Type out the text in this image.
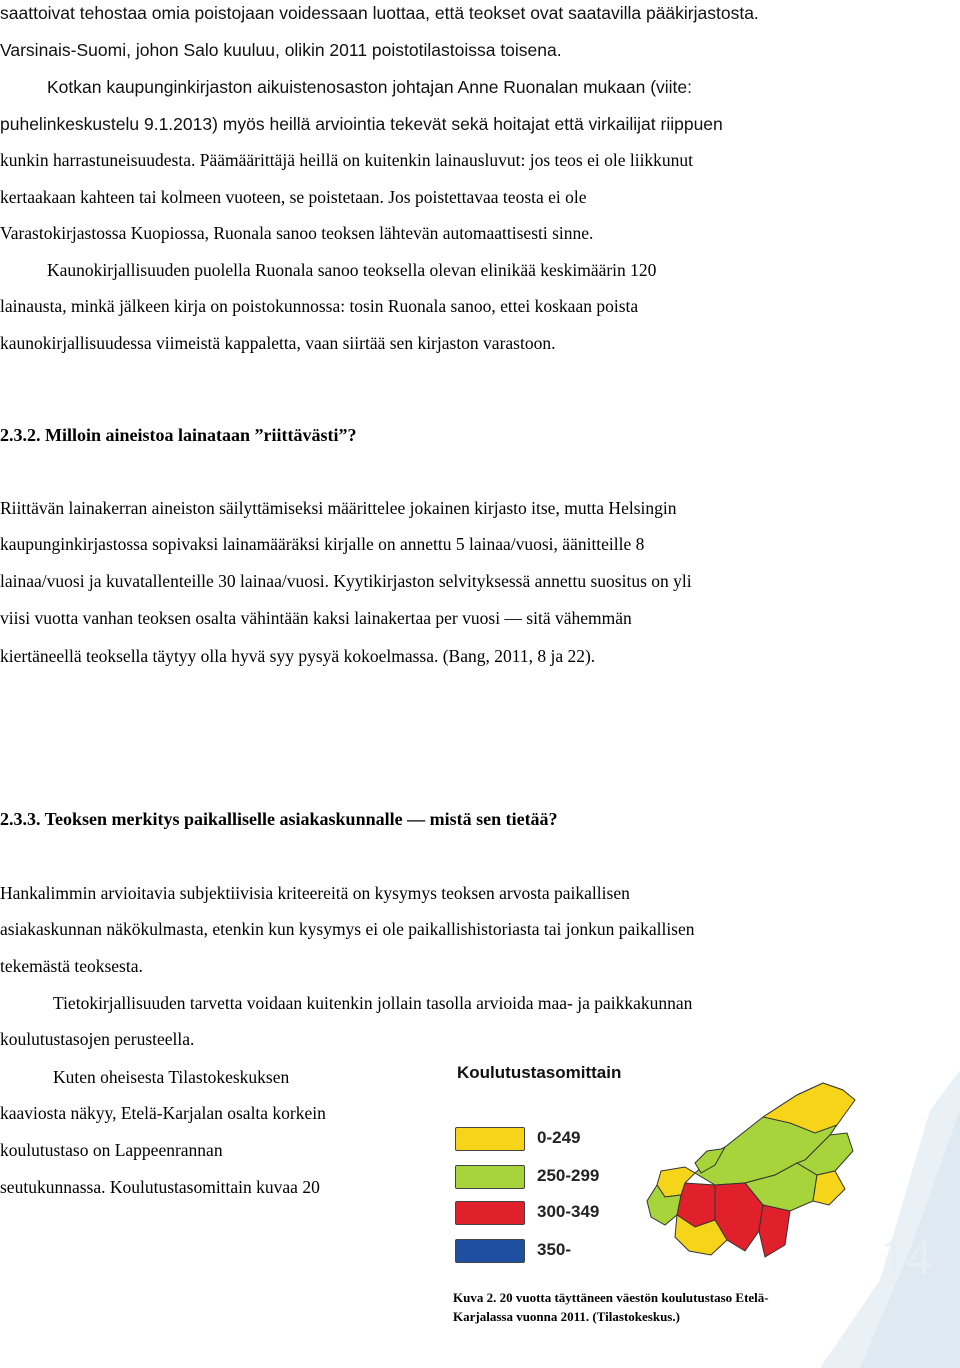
14
saattoivat tehostaa omia poistojaan voidessaan luottaa, että teokset ovat saatavilla pääkirjastosta.
Varsinais-Suomi, johon Salo kuuluu, olikin 2011 poistotilastoissa toisena.
Kotkan kaupunginkirjaston aikuistenosaston johtajan Anne Ruonalan mukaan (viite:
puhelinkeskustelu 9.1.2013) myös heillä arviointia tekevät sekä hoitajat että virkailijat riippuen
kunkin harrastuneisuudesta. Päämäärittäjä heillä on kuitenkin lainausluvut: jos teos ei ole liikkunut
kertaakaan kahteen tai kolmeen vuoteen, se poistetaan. Jos poistettavaa teosta ei ole
Varastokirjastossa Kuopiossa, Ruonala sanoo teoksen lähtevän automaattisesti sinne.
Kaunokirjallisuuden puolella Ruonala sanoo teoksella olevan elinikää keskimäärin 120
lainausta, minkä jälkeen kirja on poistokunnossa: tosin Ruonala sanoo, ettei koskaan poista
kaunokirjallisuudessa viimeistä kappaletta, vaan siirtää sen kirjaston varastoon.
2.3.2. Milloin aineistoa lainataan ”riittävästi”?
Riittävän lainakerran aineiston säilyttämiseksi määrittelee jokainen kirjasto itse, mutta Helsingin
kaupunginkirjastossa sopivaksi lainamääräksi kirjalle on annettu 5 lainaa/vuosi, äänitteille 8
lainaa/vuosi ja kuvatallenteille 30 lainaa/vuosi. Kyytikirjaston selvityksessä annettu suositus on yli
viisi vuotta vanhan teoksen osalta vähintään kaksi lainakertaa per vuosi — sitä vähemmän
kiertäneellä teoksella täytyy olla hyvä syy pysyä kokoelmassa. (Bang, 2011, 8 ja 22).
2.3.3. Teoksen merkitys paikalliselle asiakaskunnalle — mistä sen tietää?
Hankalimmin arvioitavia subjektiivisia kriteereitä on kysymys teoksen arvosta paikallisen
asiakaskunnan näkökulmasta, etenkin kun kysymys ei ole paikallishistoriasta tai jonkun paikallisen
tekemästä teoksesta.
Tietokirjallisuuden tarvetta voidaan kuitenkin jollain tasolla arvioida maa- ja paikkakunnan
koulutustasojen perusteella.
Kuten oheisesta Tilastokeskuksen
kaaviosta näkyy, Etelä-Karjalan osalta korkein
koulutustaso on Lappeenrannan
seutukunnassa. Koulutustasomittain kuvaa 20
Koulutustasomittain
0-249
250-299
300-349
350-
Kuva 2. 20 vuotta täyttäneen väestön koulutustaso Etelä-
Karjalassa vuonna 2011. (Tilastokeskus.)
